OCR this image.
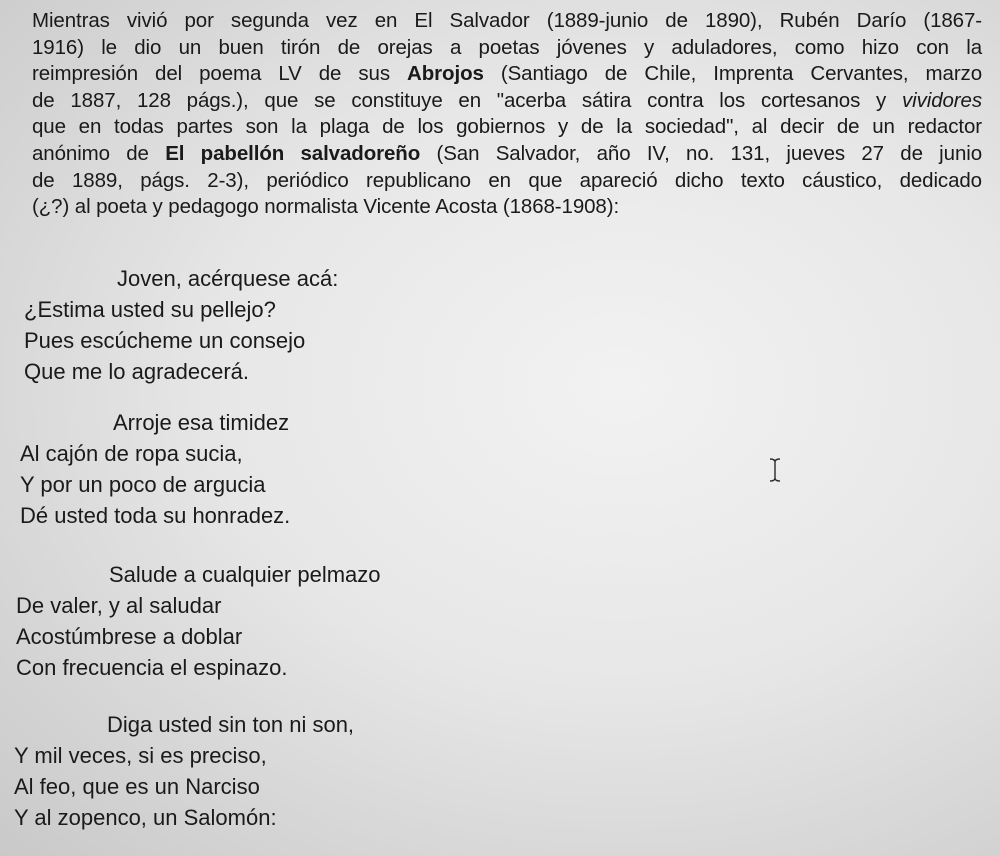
Mientras vivió por segunda vez en El Salvador (1889-junio de 1890), Rubén Darío (1867-
1916) le dio un buen tirón de orejas a poetas jóvenes y aduladores, como hizo con la
reimpresión del poema LV de sus Abrojos (Santiago de Chile, Imprenta Cervantes, marzo
de 1887, 128 págs.), que se constituye en "acerba sátira contra los cortesanos y vividores
que en todas partes son la plaga de los gobiernos y de la sociedad", al decir de un redactor
anónimo de El pabellón salvadoreño (San Salvador, año IV, no. 131, jueves 27 de junio
de 1889, págs. 2-3), periódico republicano en que apareció dicho texto cáustico, dedicado
(¿?) al poeta y pedagogo normalista Vicente Acosta (1868-1908):
Joven, acérquese acá:
¿Estima usted su pellejo?
Pues escúcheme un consejo
Que me lo agradecerá.
Arroje esa timidez
Al cajón de ropa sucia,
Y por un poco de argucia
Dé usted toda su honradez.
Salude a cualquier pelmazo
De valer, y al saludar
Acostúmbrese a doblar
Con frecuencia el espinazo.
Diga usted sin ton ni son,
Y mil veces, si es preciso,
Al feo, que es un Narciso
Y al zopenco, un Salomón:
